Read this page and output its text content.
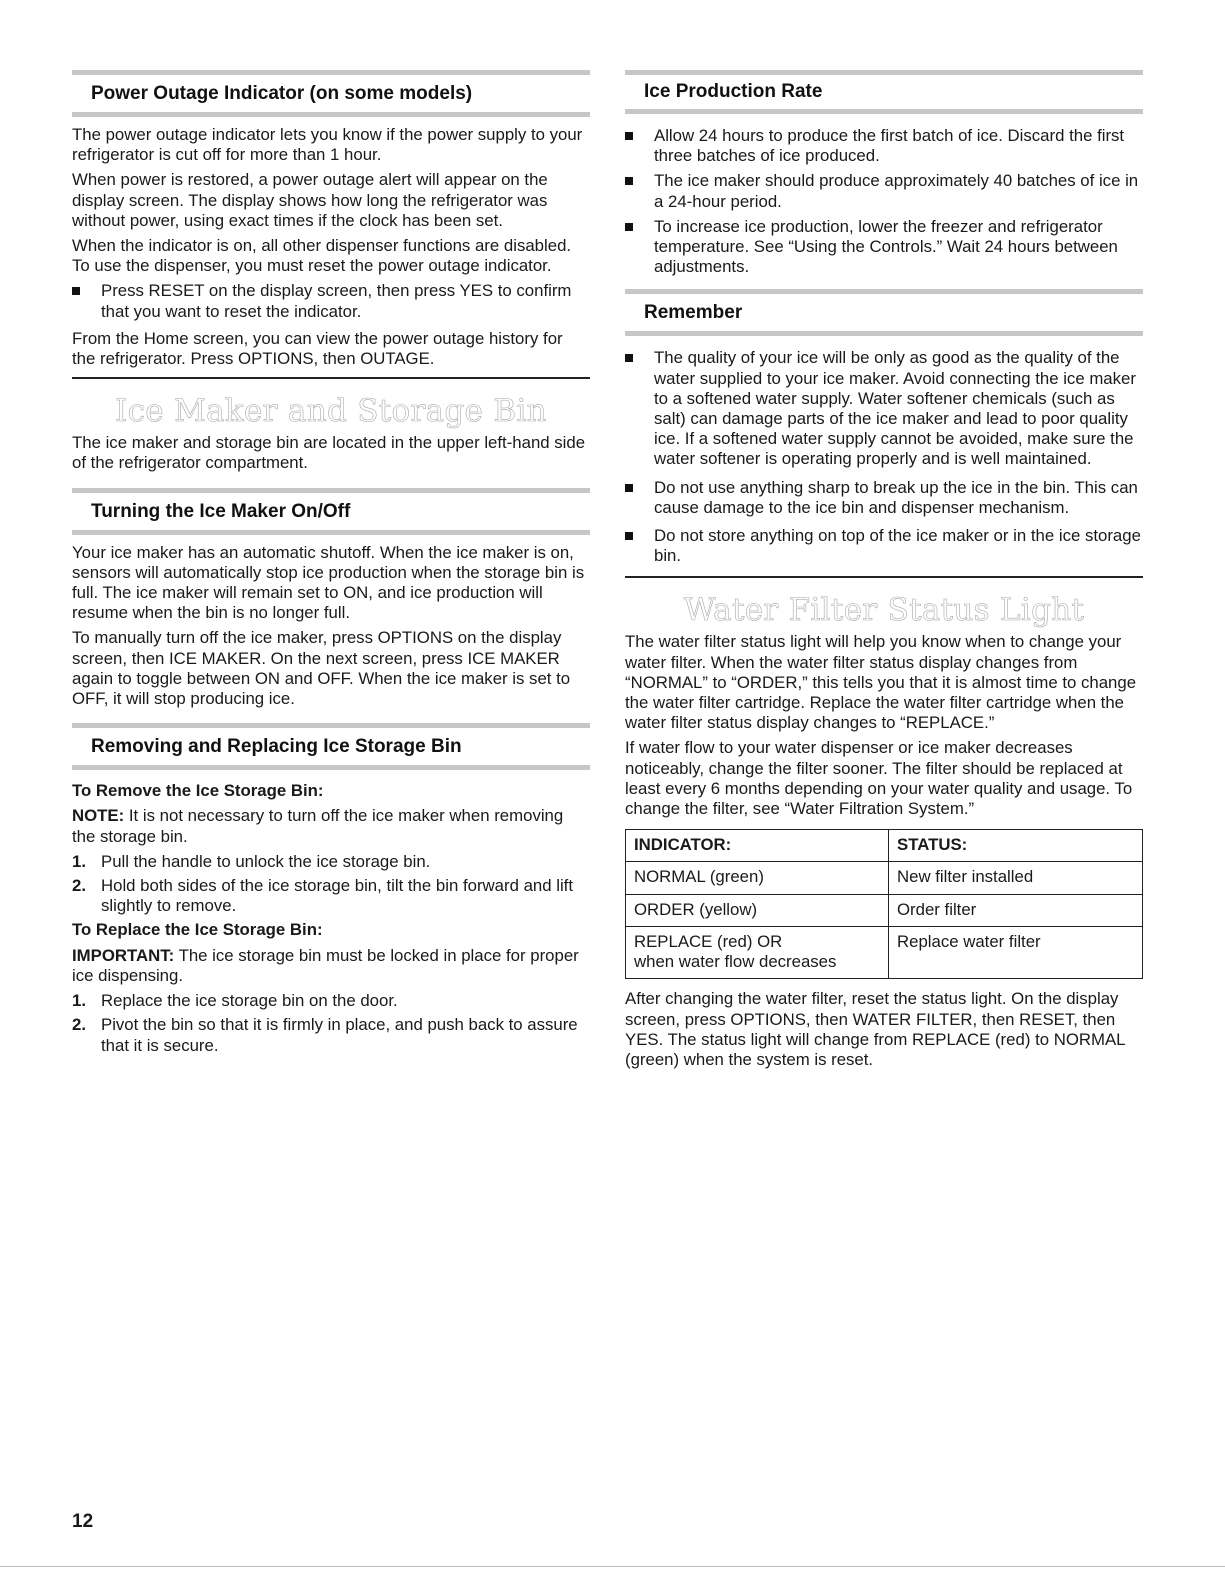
Power Outage Indicator (on some models)

The power outage indicator lets you know if the power supply to your refrigerator is cut off for more than 1 hour.

When power is restored, a power outage alert will appear on the display screen. The display shows how long the refrigerator was without power, using exact times if the clock has been set.

When the indicator is on, all other dispenser functions are disabled. To use the dispenser, you must reset the power outage indicator.

Press RESET on the display screen, then press YES to confirm that you want to reset the indicator.

From the Home screen, you can view the power outage history for the refrigerator. Press OPTIONS, then OUTAGE.

Ice Maker and Storage Bin

The ice maker and storage bin are located in the upper left-hand side of the refrigerator compartment.

Turning the Ice Maker On/Off

Your ice maker has an automatic shutoff. When the ice maker is on, sensors will automatically stop ice production when the storage bin is full. The ice maker will remain set to ON, and ice production will resume when the bin is no longer full.

To manually turn off the ice maker, press OPTIONS on the display screen, then ICE MAKER. On the next screen, press ICE MAKER again to toggle between ON and OFF. When the ice maker is set to OFF, it will stop producing ice.

Removing and Replacing Ice Storage Bin
To Remove the Ice Storage Bin:

NOTE: It is not necessary to turn off the ice maker when removing the storage bin.

1. Pull the handle to unlock the ice storage bin.
2. Hold both sides of the ice storage bin, tilt the bin forward and lift slightly to remove.
To Replace the Ice Storage Bin:

IMPORTANT: The ice storage bin must be locked in place for proper ice dispensing.

1. Replace the ice storage bin on the door.
2. Pivot the bin so that it is firmly in place, and push back to assure that it is secure.
Ice Production Rate
Allow 24 hours to produce the first batch of ice. Discard the first three batches of ice produced.
The ice maker should produce approximately 40 batches of ice in a 24-hour period.
To increase ice production, lower the freezer and refrigerator temperature. See “Using the Controls.” Wait 24 hours between adjustments.
Remember
The quality of your ice will be only as good as the quality of the water supplied to your ice maker. Avoid connecting the ice maker to a softened water supply. Water softener chemicals (such as salt) can damage parts of the ice maker and lead to poor quality ice. If a softened water supply cannot be avoided, make sure the water softener is operating properly and is well maintained.
Do not use anything sharp to break up the ice in the bin. This can cause damage to the ice bin and dispenser mechanism.
Do not store anything on top of the ice maker or in the ice storage bin.
Water Filter Status Light

The water filter status light will help you know when to change your water filter. When the water filter status display changes from “NORMAL” to “ORDER,” this tells you that it is almost time to change the water filter cartridge. Replace the water filter cartridge when the water filter status display changes to “REPLACE.”

If water flow to your water dispenser or ice maker decreases noticeably, change the filter sooner. The filter should be replaced at least every 6 months depending on your water quality and usage. To change the filter, see “Water Filtration System.”

INDICATOR:	STATUS:
NORMAL (green)	New filter installed
ORDER (yellow)	Order filter

REPLACE (red) OR
when water flow decreases	Replace water filter

After changing the water filter, reset the status light. On the display screen, press OPTIONS, then WATER FILTER, then RESET, then YES. The status light will change from REPLACE (red) to NORMAL (green) when the system is reset.

12
